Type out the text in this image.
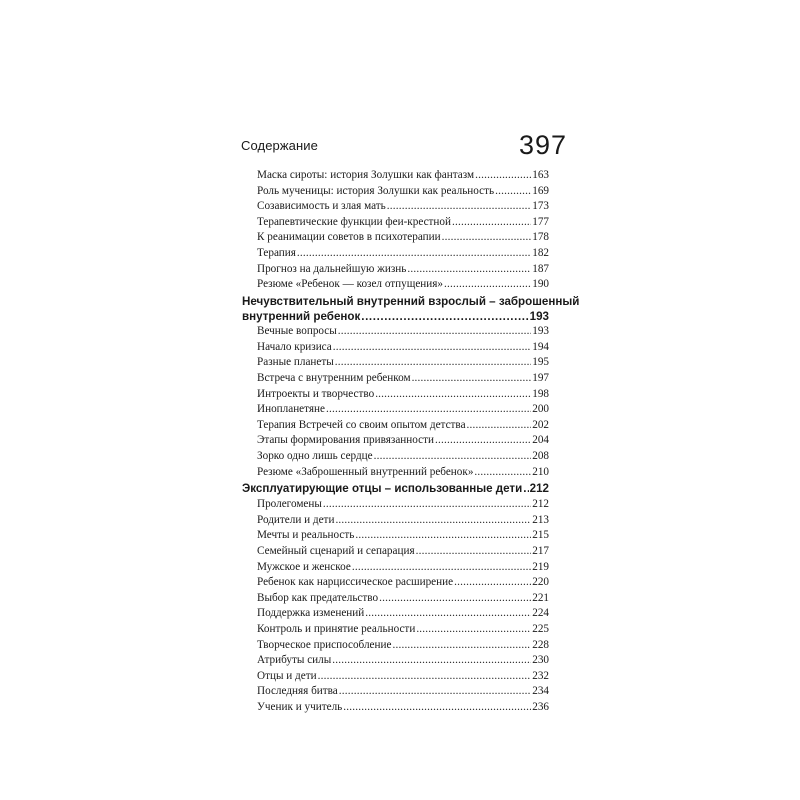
Содержание	397
Маска сироты: история Золушки как фантазм .....	163
Роль мученицы: история Золушки как реальность .....	169
Созависимость и злая мать .....	173
Терапевтические функции феи-крестной .....	177
К реанимации советов в психотерапии .....	178
Терапия .....	182
Прогноз на дальнейшую жизнь .....	187
Резюме «Ребенок — козел отпущения» .....	190
Нечувствительный внутренний взрослый – заброшенный
внутренний ребенок .....	193
Вечные вопросы .....	193
Начало кризиса .....	194
Разные планеты .....	195
Встреча с внутренним ребенком .....	197
Интроекты и творчество .....	198
Инопланетяне .....	200
Терапия Встречей со своим опытом детства .....	202
Этапы формирования привязанности .....	204
Зорко одно лишь сердце .....	208
Резюме «Заброшенный внутренний ребенок» .....	210
Эксплуатирующие отцы – использованные дети ..... 212
Пролегомены .....	212
Родители и дети .....	213
Мечты и реальность .....	215
Семейный сценарий и сепарация .....	217
Мужское и женское .....	219
Ребенок как нарциссическое расширение .....	220
Выбор как предательство .....	221
Поддержка изменений .....	224
Контроль и принятие реальности .....	225
Творческое приспособление .....	228
Атрибуты силы .....	230
Отцы и дети .....	232
Последняя битва .....	234
Ученик и учитель .....	236
